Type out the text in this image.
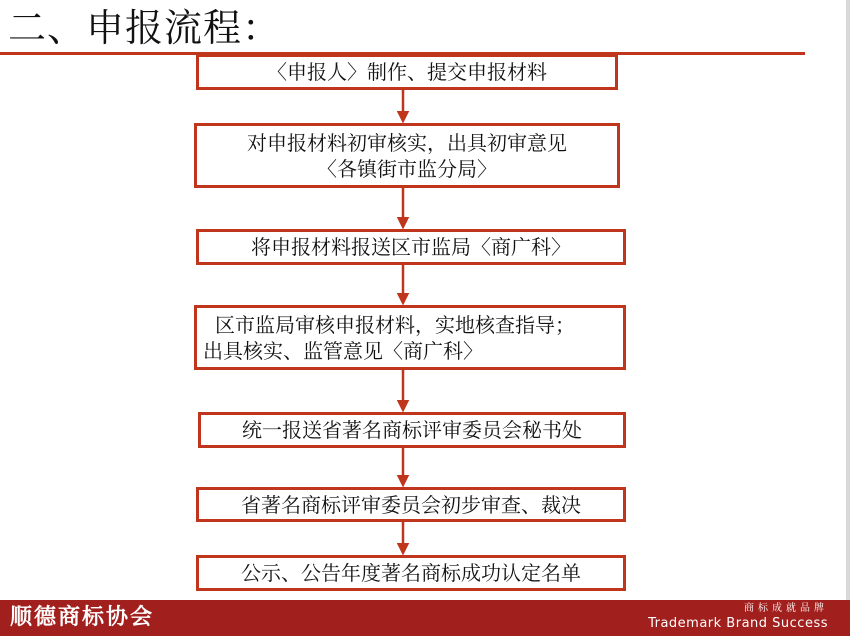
二、申报流程：
〈申报人〉制作、提交申报材料
对申报材料初审核实，出具初审意见
〈各镇街市监分局〉
将申报材料报送区市监局〈商广科〉
区市监局审核申报材料，实地核查指导；
出具核实、监管意见〈商广科〉
统一报送省著名商标评审委员会秘书处
省著名商标评审委员会初步审查、裁决
公示、公告年度著名商标成功认定名单
顺德商标协会	商标成就品牌
Trademark Brand Success
